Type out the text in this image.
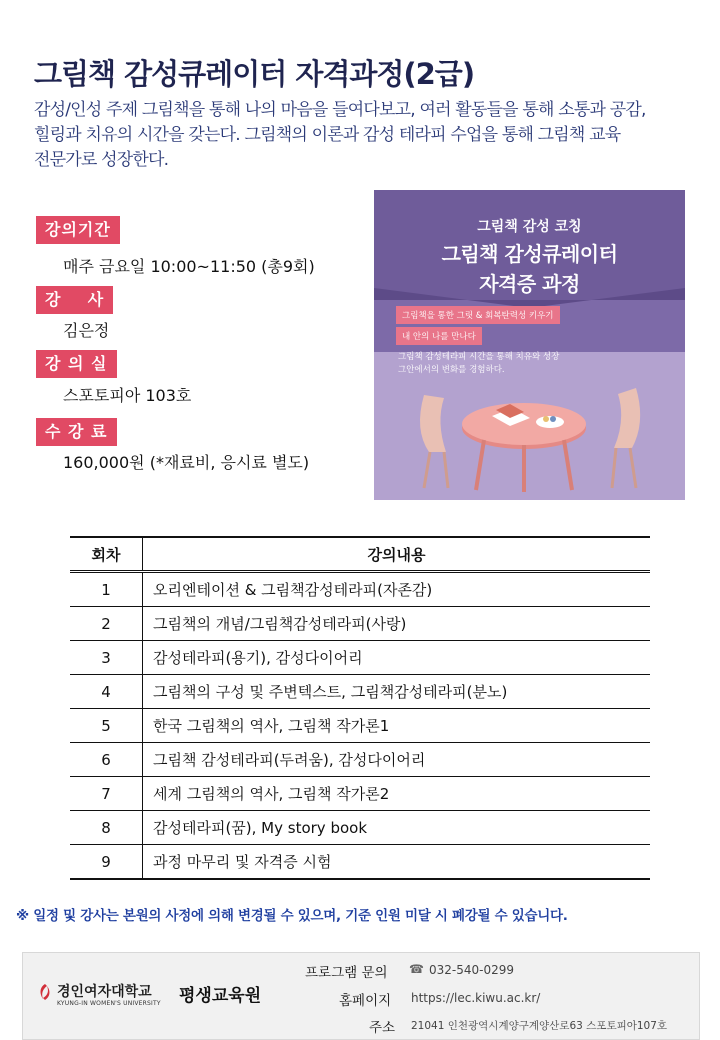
그림책 감성큐레이터 자격과정(2급)
감성/인성 주제 그림책을 통해 나의 마음을 들여다보고, 여러 활동들을 통해 소통과 공감,
힐링과 치유의 시간을 갖는다. 그림책의 이론과 감성 테라피 수업을 통해 그림책 교육
전문가로 성장한다.
강의기간
매주 금요일 10:00~11:50 (총9회)
강    사
김은정
강 의 실
스포토피아 103호
수 강 료
160,000원 (*재료비, 응시료 별도)
그림책 감성 코칭
그림책 감성큐레이터
자격증 과정
그림책을 통한 그릿 & 회복탄력성 키우기
내 안의 나를 만나다
그림책 감성테라피 시간을 통해 치유와 성장
그안에서의 변화를 경험하다.
회차	강의내용
1	오리엔테이션 & 그림책감성테라피(자존감)
2	그림책의 개념/그림책감성테라피(사랑)
3	감성테라피(용기), 감성다이어리
4	그림책의 구성 및 주변텍스트, 그림책감성테라피(분노)
5	한국 그림책의 역사, 그림책 작가론1
6	그림책 감성테라피(두려움), 감성다이어리
7	세계 그림책의 역사, 그림책 작가론2
8	감성테라피(꿈), My story book
9	과정 마무리 및 자격증 시험
※ 일정 및 강사는 본원의 사정에 의해 변경될 수 있으며, 기준 인원 미달 시 폐강될 수 있습니다.
경인여자대학교
KYUNG-IN WOMEN'S UNIVERSITY 평생교육원
프로그램 문의 ☎ 032-540-0299
홈페이지 https://lec.kiwu.ac.kr/
주소 21041 인천광역시계양구계양산로63 스포토피아107호
